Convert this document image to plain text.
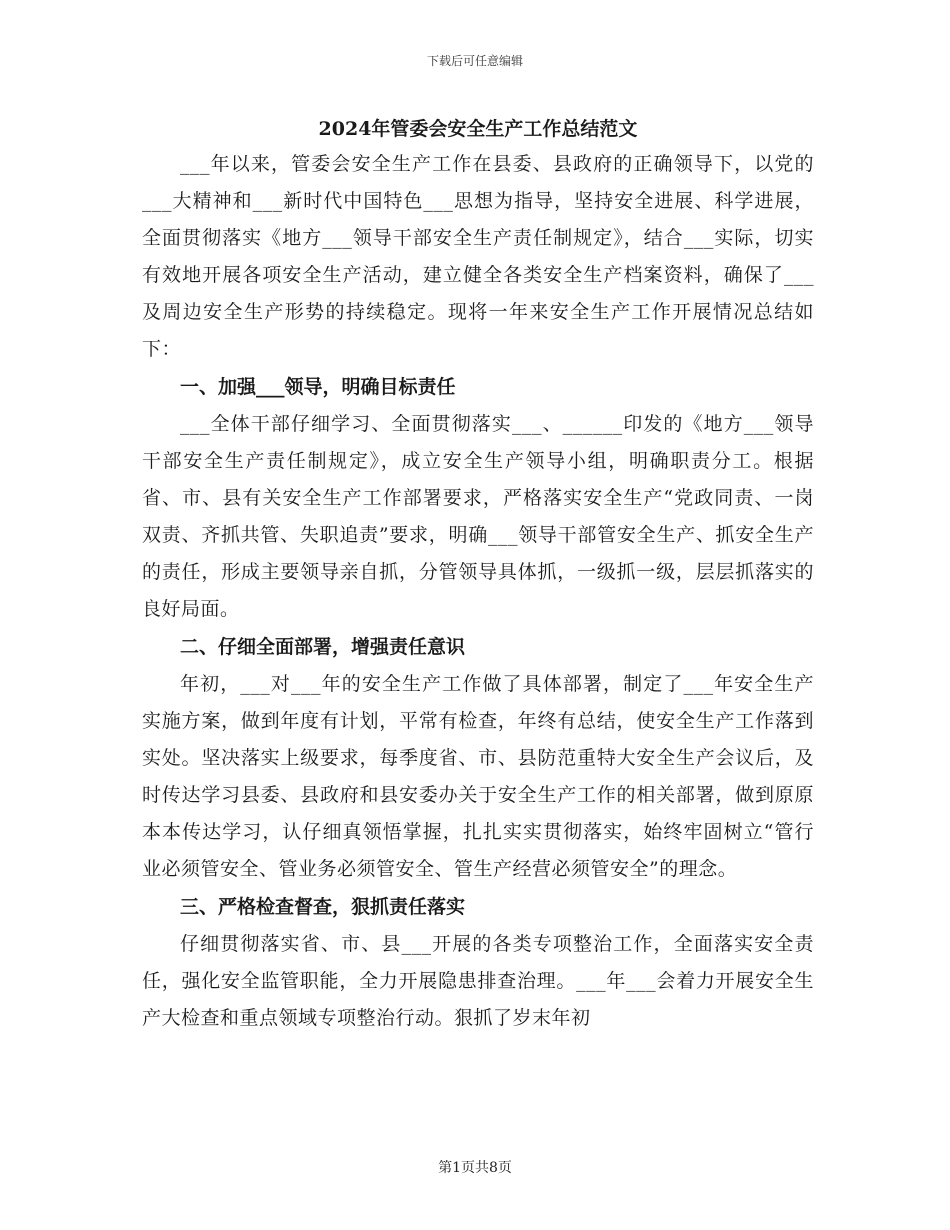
下载后可任意编辑
2024年管委会安全生产工作总结范文

___年以来，管委会安全生产工作在县委、县政府的正确领导下，以党的___大精神和___新时代中国特色___思想为指导，坚持安全进展、科学进展，全面贯彻落实《地方___领导干部安全生产责任制规定》，结合___实际，切实有效地开展各项安全生产活动，建立健全各类安全生产档案资料，确保了___及周边安全生产形势的持续稳定。现将一年来安全生产工作开展情况总结如下：

一、加强___领导，明确目标责任

___全体干部仔细学习、全面贯彻落实___、______印发的《地方___领导干部安全生产责任制规定》，成立安全生产领导小组，明确职责分工。根据省、市、县有关安全生产工作部署要求，严格落实安全生产“党政同责、一岗双责、齐抓共管、失职追责”要求，明确___领导干部管安全生产、抓安全生产的责任，形成主要领导亲自抓，分管领导具体抓，一级抓一级，层层抓落实的良好局面。

二、仔细全面部署，增强责任意识

年初，___对___年的安全生产工作做了具体部署，制定了___年安全生产实施方案，做到年度有计划，平常有检查，年终有总结，使安全生产工作落到实处。坚决落实上级要求，每季度省、市、县防范重特大安全生产会议后，及时传达学习县委、县政府和县安委办关于安全生产工作的相关部署，做到原原本本传达学习，认仔细真领悟掌握，扎扎实实贯彻落实，始终牢固树立“管行业必须管安全、管业务必须管安全、管生产经营必须管安全”的理念。

三、严格检查督查，狠抓责任落实

仔细贯彻落实省、市、县___开展的各类专项整治工作，全面落实安全责任，强化安全监管职能，全力开展隐患排查治理。___年___会着力开展安全生产大检查和重点领域专项整治行动。狠抓了岁末年初

第1页共8页
